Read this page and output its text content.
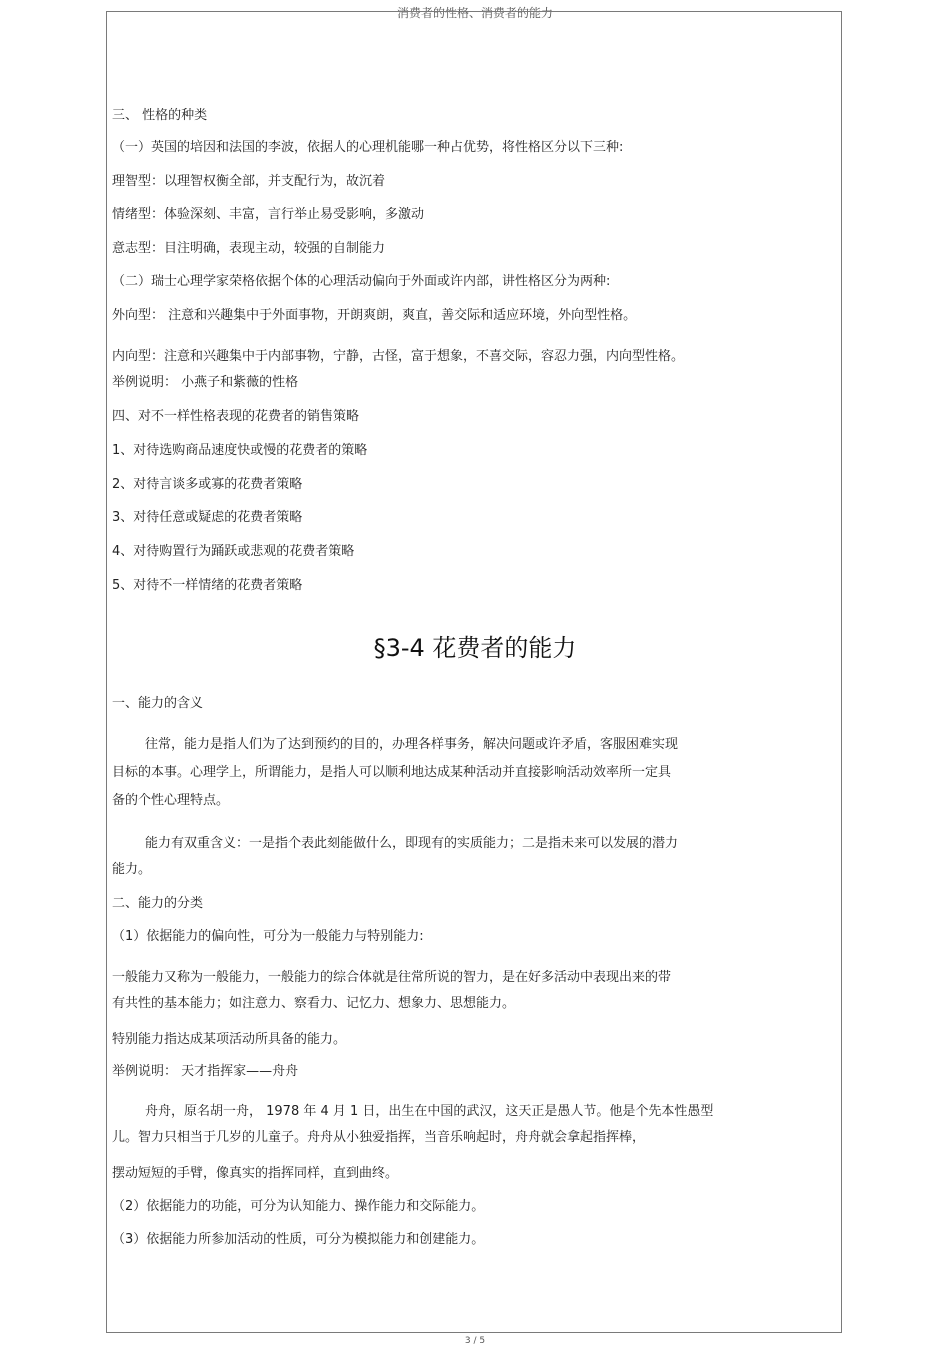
消费者的性格、消费者的能力
三、 性格的种类
（一）英国的培因和法国的李波，依据人的心理机能哪一种占优势，将性格区分以下三种:
理智型：以理智权衡全部，并支配行为，故沉着
情绪型：体验深刻、丰富，言行举止易受影响，多激动
意志型：目注明确，表现主动，较强的自制能力
（二）瑞士心理学家荣格依据个体的心理活动偏向于外面或许内部，讲性格区分为两种:
外向型： 注意和兴趣集中于外面事物，开朗爽朗，爽直，善交际和适应环境，外向型性格。
内向型：注意和兴趣集中于内部事物，宁静，古怪，富于想象，不喜交际，容忍力强，内向型性格。
举例说明： 小燕子和紫薇的性格
四、对不一样性格表现的花费者的销售策略
1、对待选购商品速度快或慢的花费者的策略
2、对待言谈多或寡的花费者策略
3、对待任意或疑虑的花费者策略
4、对待购置行为踊跃或悲观的花费者策略
5、对待不一样情绪的花费者策略
§3-4 花费者的能力
一、能力的含义
往常，能力是指人们为了达到预约的目的，办理各样事务，解决问题或许矛盾，客服困难实现
目标的本事。心理学上，所谓能力，是指人可以顺利地达成某种活动并直接影响活动效率所一定具
备的个性心理特点。
能力有双重含义：一是指个表此刻能做什么，即现有的实质能力；二是指未来可以发展的潜力
能力。
二、能力的分类
（1）依据能力的偏向性，可分为一般能力与特别能力:
一般能力又称为一般能力，一般能力的综合体就是往常所说的智力，是在好多活动中表现出来的带
有共性的基本能力；如注意力、察看力、记忆力、想象力、思想能力。
特别能力指达成某项活动所具备的能力。
举例说明： 天才指挥家——舟舟
舟舟，原名胡一舟， 1978 年 4 月 1 日，出生在中国的武汉，这天正是愚人节。他是个先本性愚型
儿。智力只相当于几岁的儿童子。舟舟从小独爱指挥，当音乐响起时，舟舟就会拿起指挥棒，
摆动短短的手臂，像真实的指挥同样，直到曲终。
（2）依据能力的功能，可分为认知能力、操作能力和交际能力。
（3）依据能力所参加活动的性质，可分为模拟能力和创建能力。
3 / 5
